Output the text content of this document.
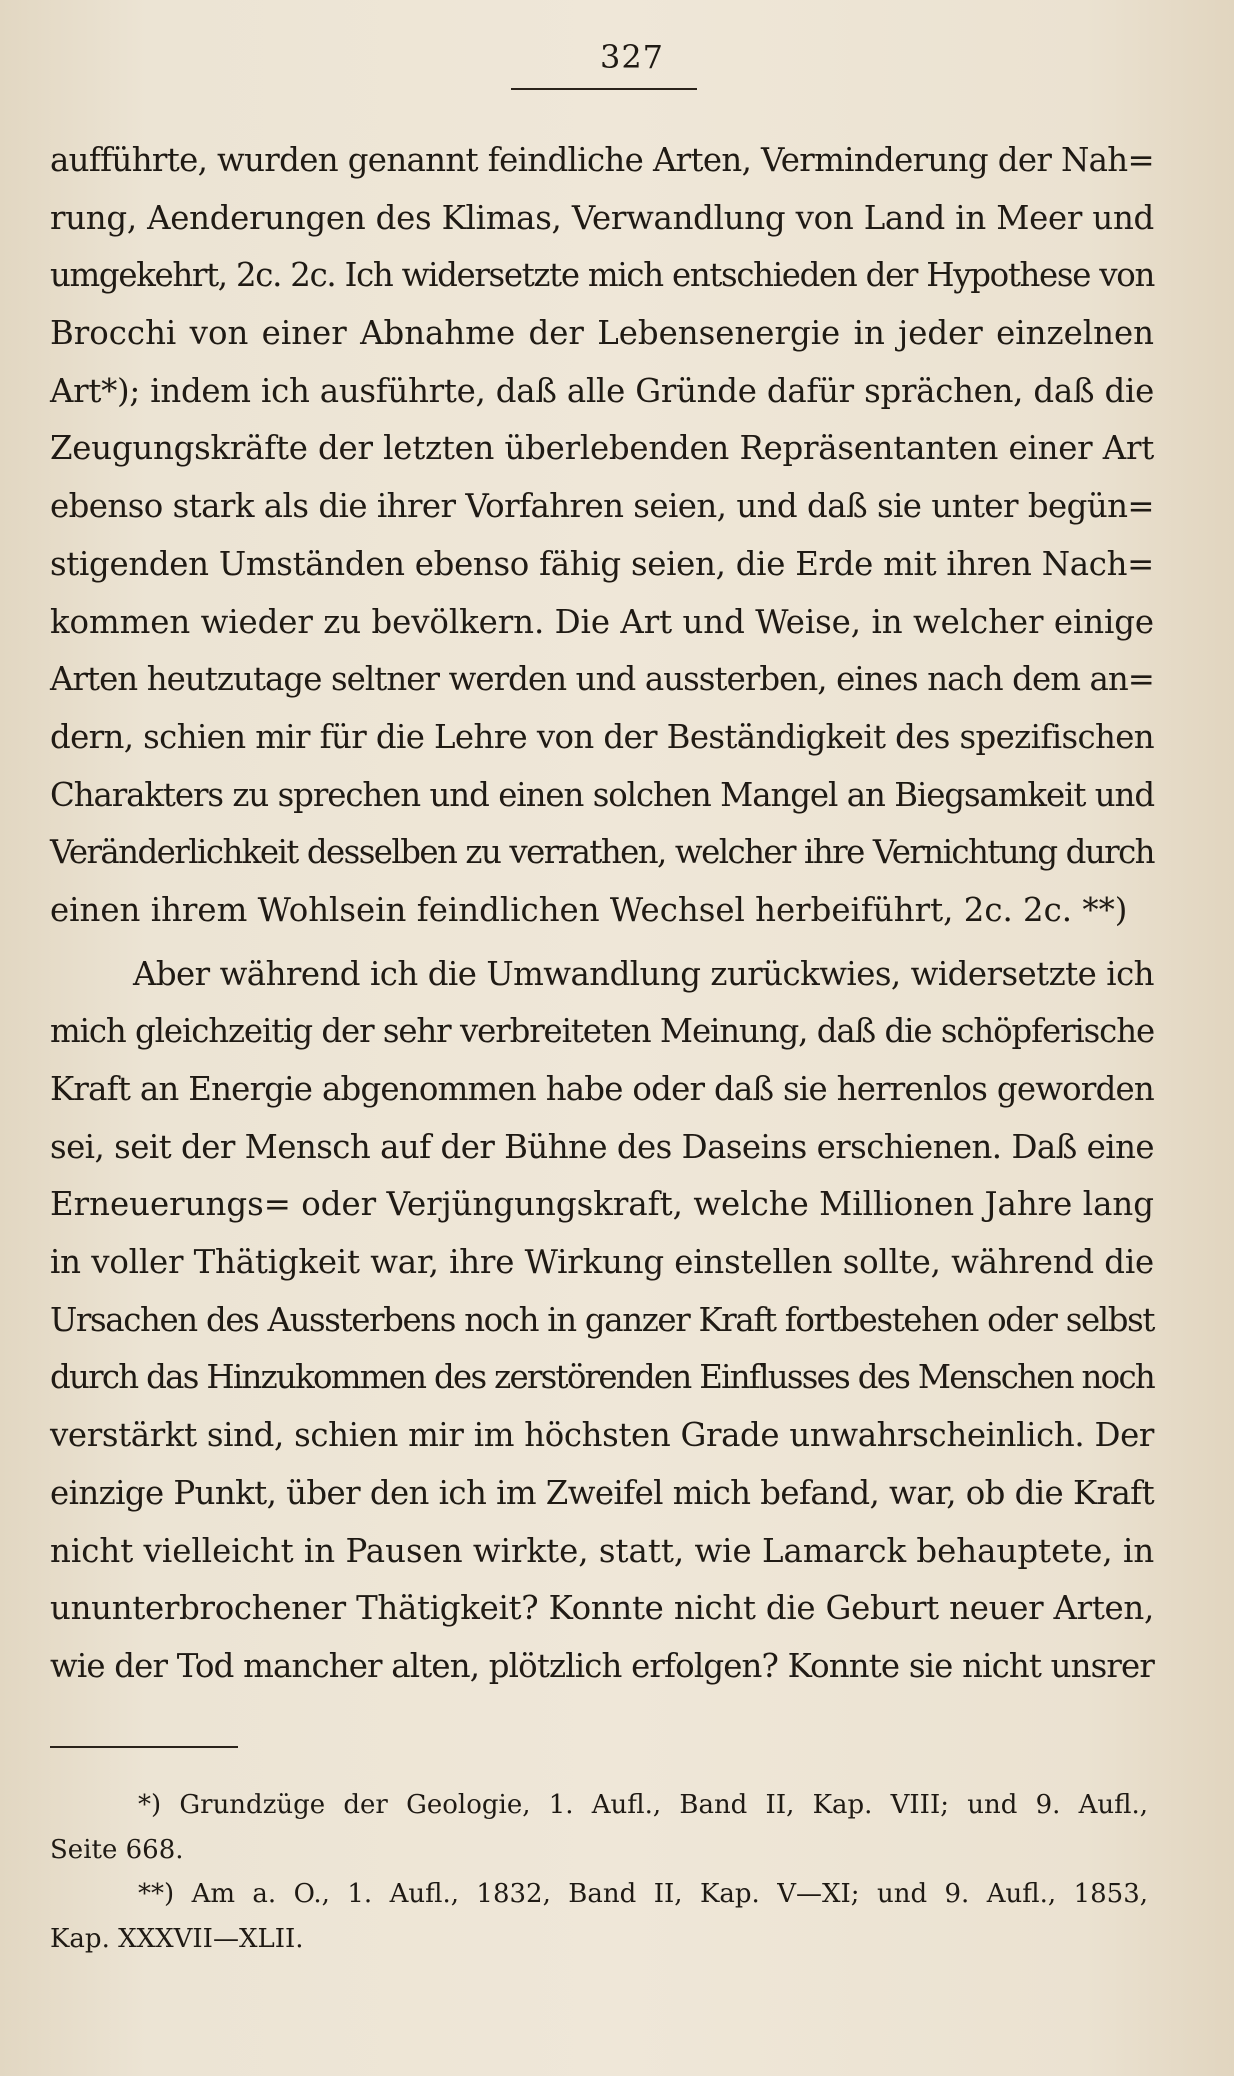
327
aufführte, wurden genannt feindliche Arten, Verminderung der Nah=
rung, Aenderungen des Klimas, Verwandlung von Land in Meer und
umgekehrt, 2c. 2c. Ich widersetzte mich entschieden der Hypothese von
Brocchi von einer Abnahme der Lebensenergie in jeder einzelnen
Art*); indem ich ausführte, daß alle Gründe dafür sprächen, daß die
Zeugungskräfte der letzten überlebenden Repräsentanten einer Art
ebenso stark als die ihrer Vorfahren seien, und daß sie unter begün=
stigenden Umständen ebenso fähig seien, die Erde mit ihren Nach=
kommen wieder zu bevölkern. Die Art und Weise, in welcher einige
Arten heutzutage seltner werden und aussterben, eines nach dem an=
dern, schien mir für die Lehre von der Beständigkeit des spezifischen
Charakters zu sprechen und einen solchen Mangel an Biegsamkeit und
Veränderlichkeit desselben zu verrathen, welcher ihre Vernichtung durch
einen ihrem Wohlsein feindlichen Wechsel herbeiführt, 2c. 2c. **)
Aber während ich die Umwandlung zurückwies, widersetzte ich
mich gleichzeitig der sehr verbreiteten Meinung, daß die schöpferische
Kraft an Energie abgenommen habe oder daß sie herrenlos geworden
sei, seit der Mensch auf der Bühne des Daseins erschienen. Daß eine
Erneuerungs= oder Verjüngungskraft, welche Millionen Jahre lang
in voller Thätigkeit war, ihre Wirkung einstellen sollte, während die
Ursachen des Aussterbens noch in ganzer Kraft fortbestehen oder selbst
durch das Hinzukommen des zerstörenden Einflusses des Menschen noch
verstärkt sind, schien mir im höchsten Grade unwahrscheinlich. Der
einzige Punkt, über den ich im Zweifel mich befand, war, ob die Kraft
nicht vielleicht in Pausen wirkte, statt, wie Lamarck behauptete, in
ununterbrochener Thätigkeit? Konnte nicht die Geburt neuer Arten,
wie der Tod mancher alten, plötzlich erfolgen? Konnte sie nicht unsrer
*) Grundzüge der Geologie, 1. Aufl., Band II, Kap. VIII; und 9. Aufl.,
Seite 668.
**) Am a. O., 1. Aufl., 1832, Band II, Kap. V—XI; und 9. Aufl., 1853,
Kap. XXXVII—XLII.
